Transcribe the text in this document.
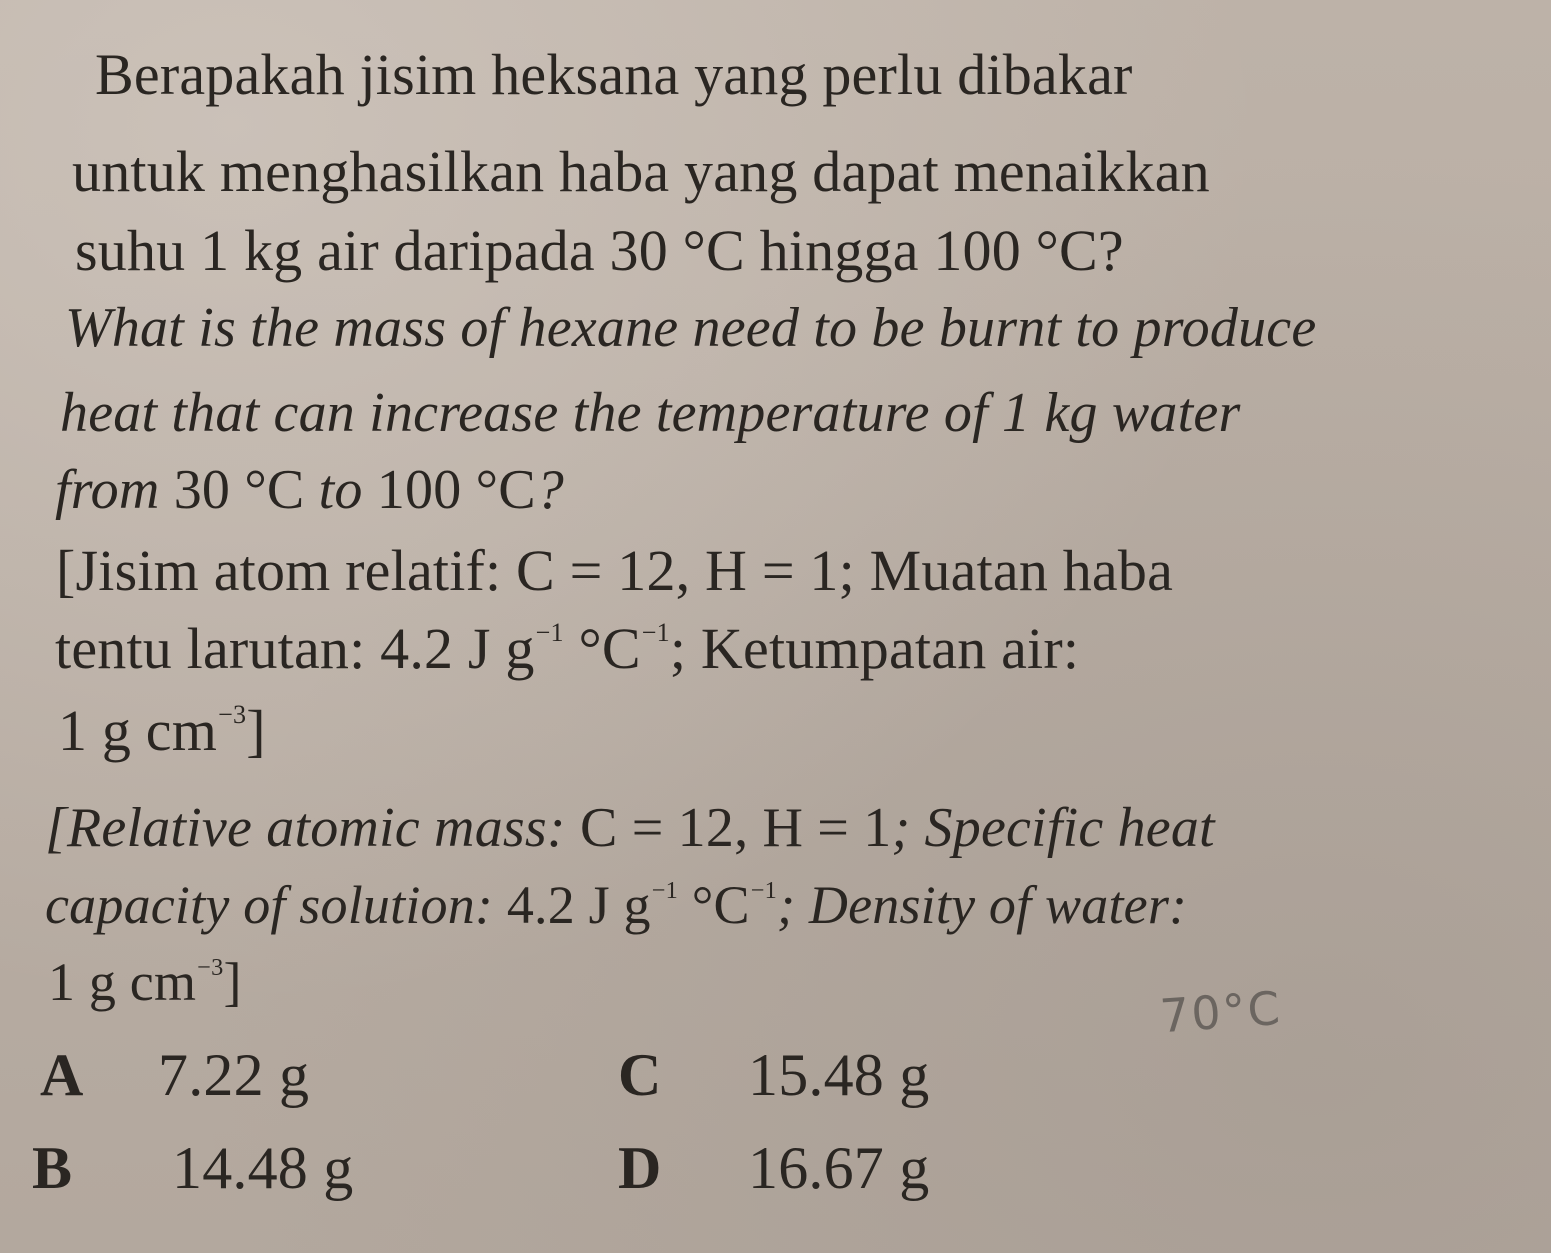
Berapakah jisim heksana yang perlu dibakar
untuk menghasilkan haba yang dapat menaikkan
suhu 1 kg air daripada 30 °C hingga 100 °C?
What is the mass of hexane need to be burnt to produce
heat that can increase the temperature of 1 kg water
from 30 °C to 100 °C?
[Jisim atom relatif: C = 12, H = 1; Muatan haba
tentu larutan: 4.2 J $g^{-1}$ $^\circ C^{-1}$; Ketumpatan air:
1 g $cm^{-3}$]
[Relative atomic mass: C = 12, H = 1; Specific heat
capacity of solution: 4.2 J $g^{-1}$ $^\circ C^{-1}$; Density of water:
1 g $cm^{-3}$]	70°C
A 7.22 g
B 14.48 g
C 15.48 g
D 16.67 g
